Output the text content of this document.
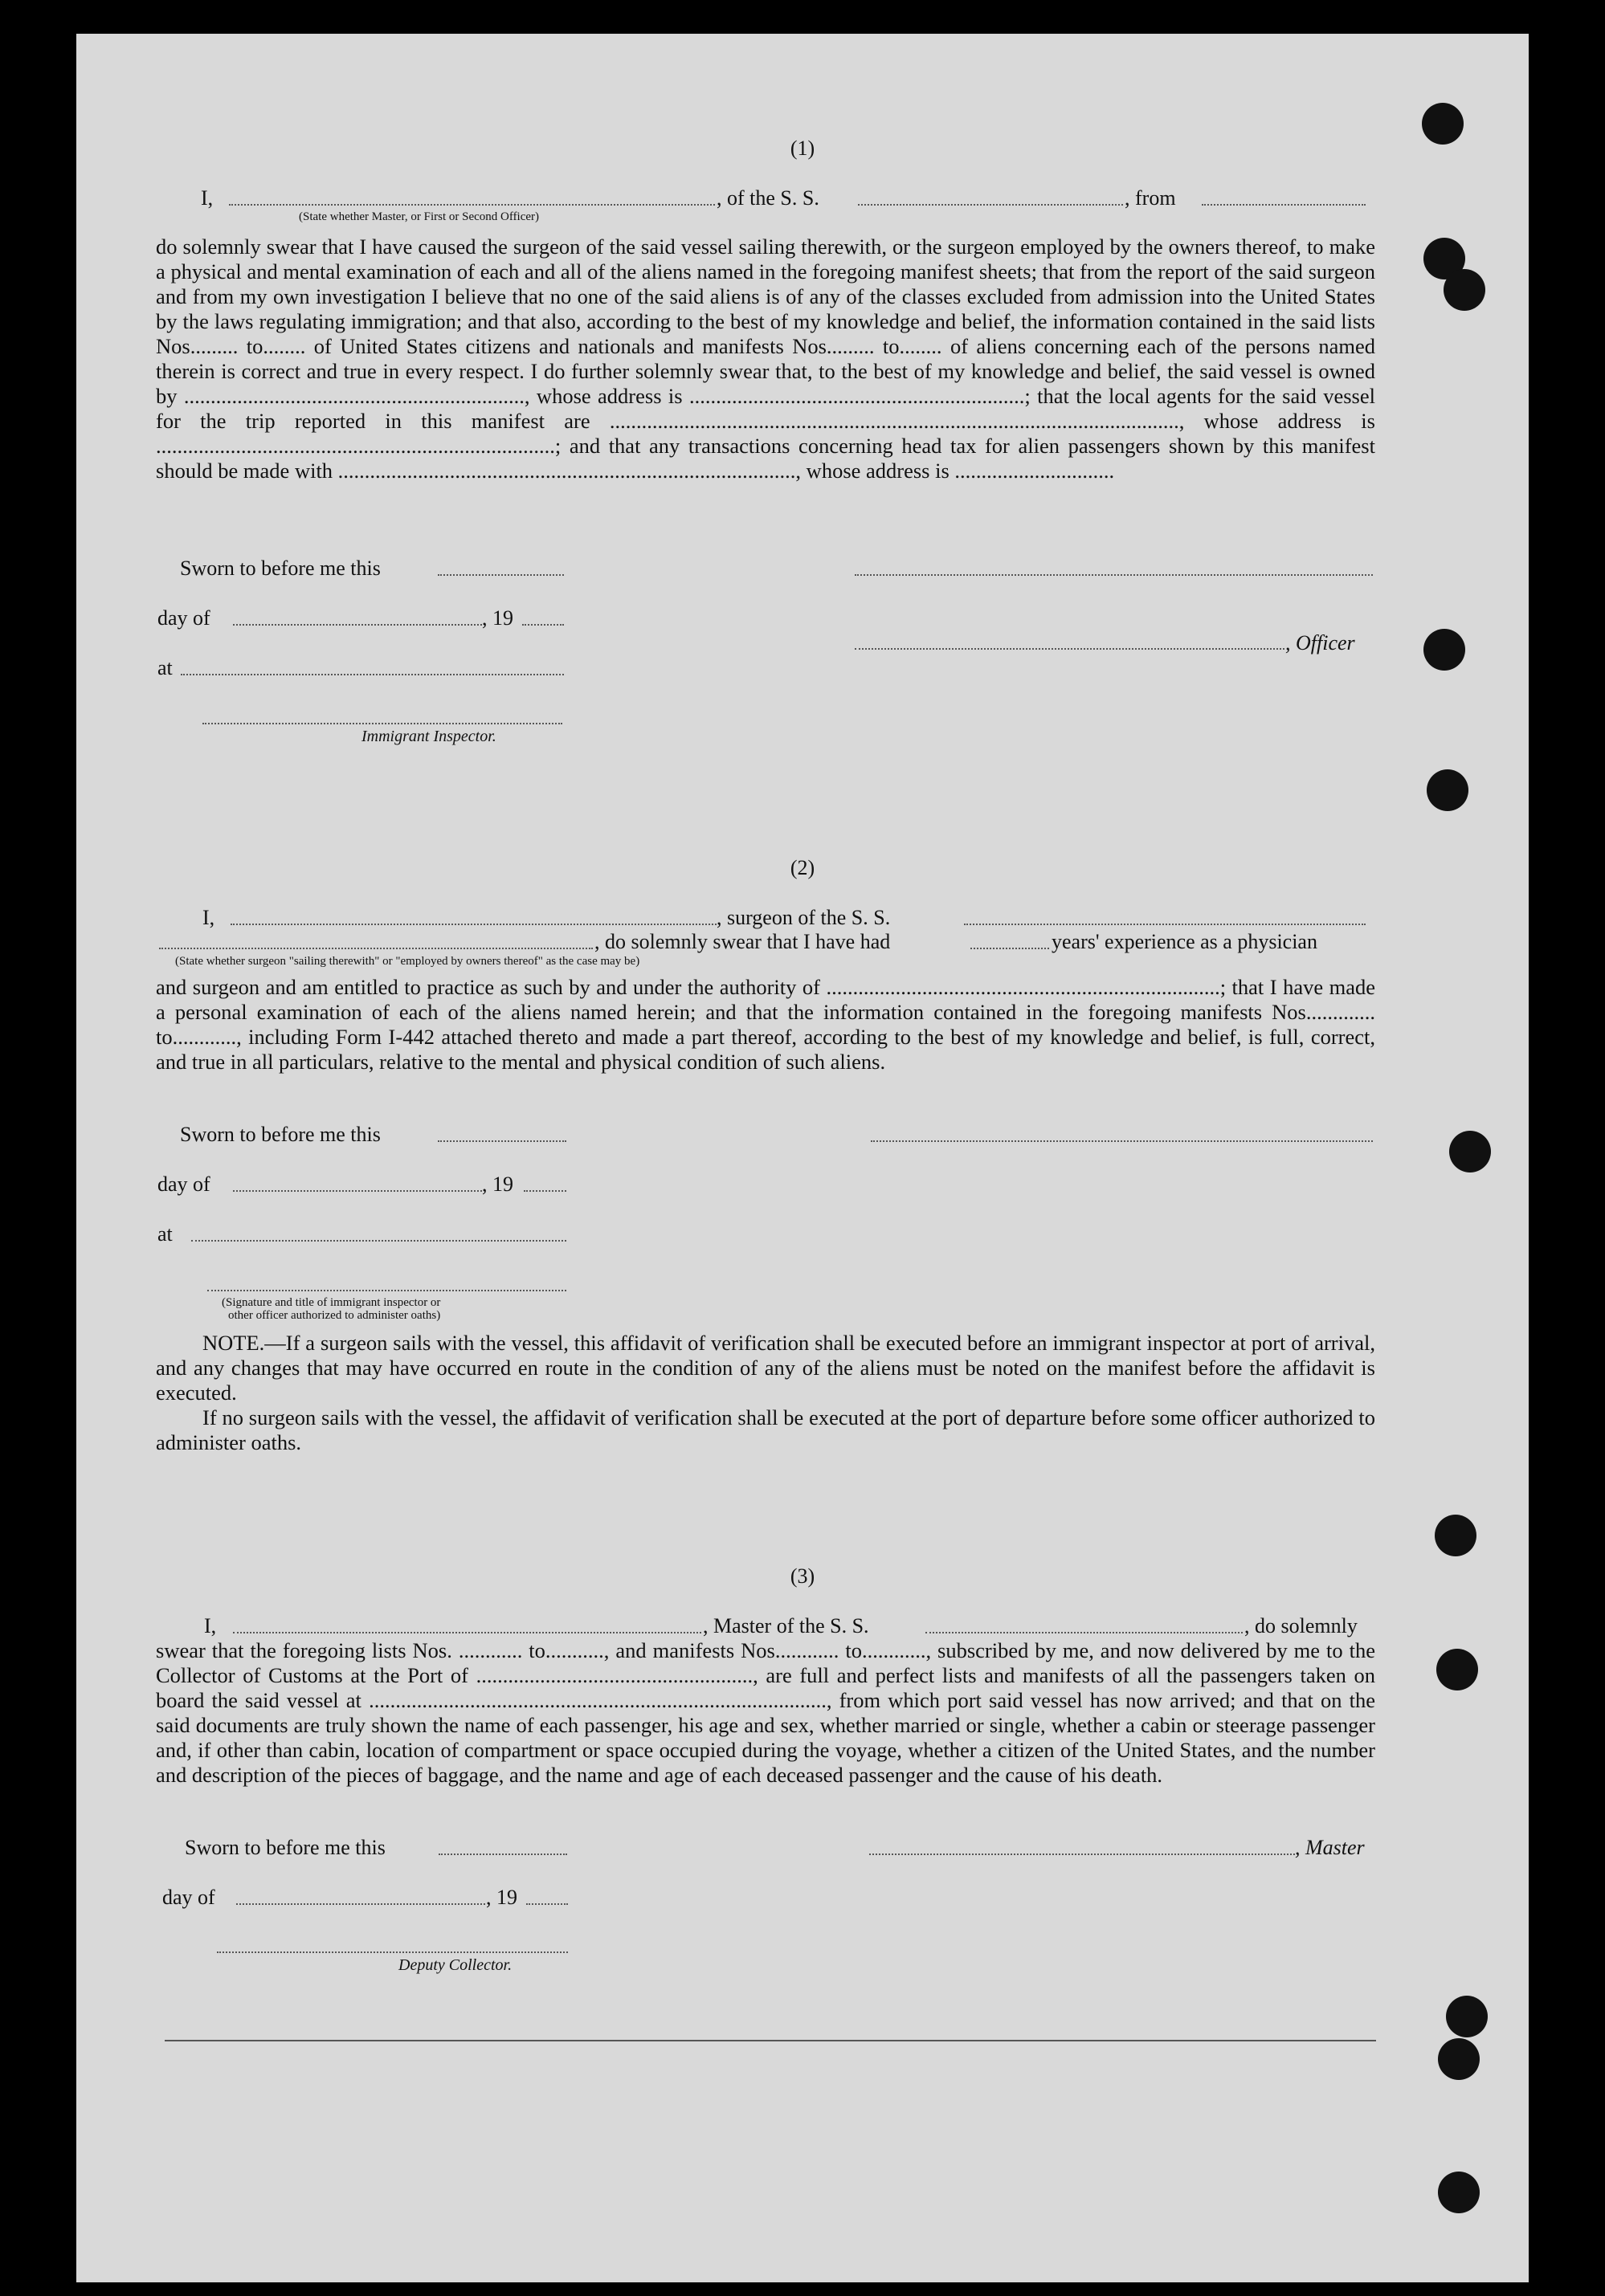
(1)
I,	, of the S. S.	, from
(State whether Master, or First or Second Officer)
do solemnly swear that I have caused the surgeon of the said vessel sailing therewith, or the surgeon employed by the owners thereof, to make a physical and mental examination of each and all of the aliens named in the foregoing manifest sheets; that from the report of the said surgeon and from my own investigation I believe that no one of the said aliens is of any of the classes excluded from admission into the United States by the laws regulating immigration; and that also, according to the best of my knowledge and belief, the information contained in the said lists Nos......... to........ of United States citizens and nationals and manifests Nos......... to........ of aliens concerning each of the persons named therein is correct and true in every respect. I do further solemnly swear that, to the best of my knowledge and belief, the said vessel is owned by ................................................................, whose address is ...............................................................; that the local agents for the said vessel for the trip reported in this manifest are ..........................................................................................................., whose address is ...........................................................................; and that any transactions concerning head tax for alien passengers shown by this manifest should be made with ......................................................................................, whose address is ..............................
Sworn to before me this
day of	, 19
, Officer
at
Immigrant Inspector.
(2)
I,	, surgeon of the S. S.
, do solemnly swear that I have had	years' experience as a physician
(State whether surgeon "sailing therewith" or "employed by owners thereof" as the case may be)
and surgeon and am entitled to practice as such by and under the authority of ..........................................................................; that I have made a personal examination of each of the aliens named herein; and that the information contained in the foregoing manifests Nos............. to............, including Form I-442 attached thereto and made a part thereof, according to the best of my knowledge and belief, is full, correct, and true in all particulars, relative to the mental and physical condition of such aliens.
Sworn to before me this
day of	, 19
at
(Signature and title of immigrant inspector or
other officer authorized to administer oaths)
NOTE.—If a surgeon sails with the vessel, this affidavit of verification shall be executed before an immigrant inspector at port of arrival, and any changes that may have occurred en route in the condition of any of the aliens must be noted on the manifest before the affidavit is executed.
If no surgeon sails with the vessel, the affidavit of verification shall be executed at the port of departure before some officer authorized to administer oaths.
(3)
I,	, Master of the S. S.	, do solemnly
swear that the foregoing lists Nos. ............ to..........., and manifests Nos............ to............, subscribed by me, and now delivered by me to the Collector of Customs at the Port of ...................................................., are full and perfect lists and manifests of all the passengers taken on board the said vessel at ......................................................................................, from which port said vessel has now arrived; and that on the said documents are truly shown the name of each passenger, his age and sex, whether married or single, whether a cabin or steerage passenger and, if other than cabin, location of compartment or space occupied during the voyage, whether a citizen of the United States, and the number and description of the pieces of baggage, and the name and age of each deceased passenger and the cause of his death.
Sworn to before me this	, Master
day of	, 19
Deputy Collector.
